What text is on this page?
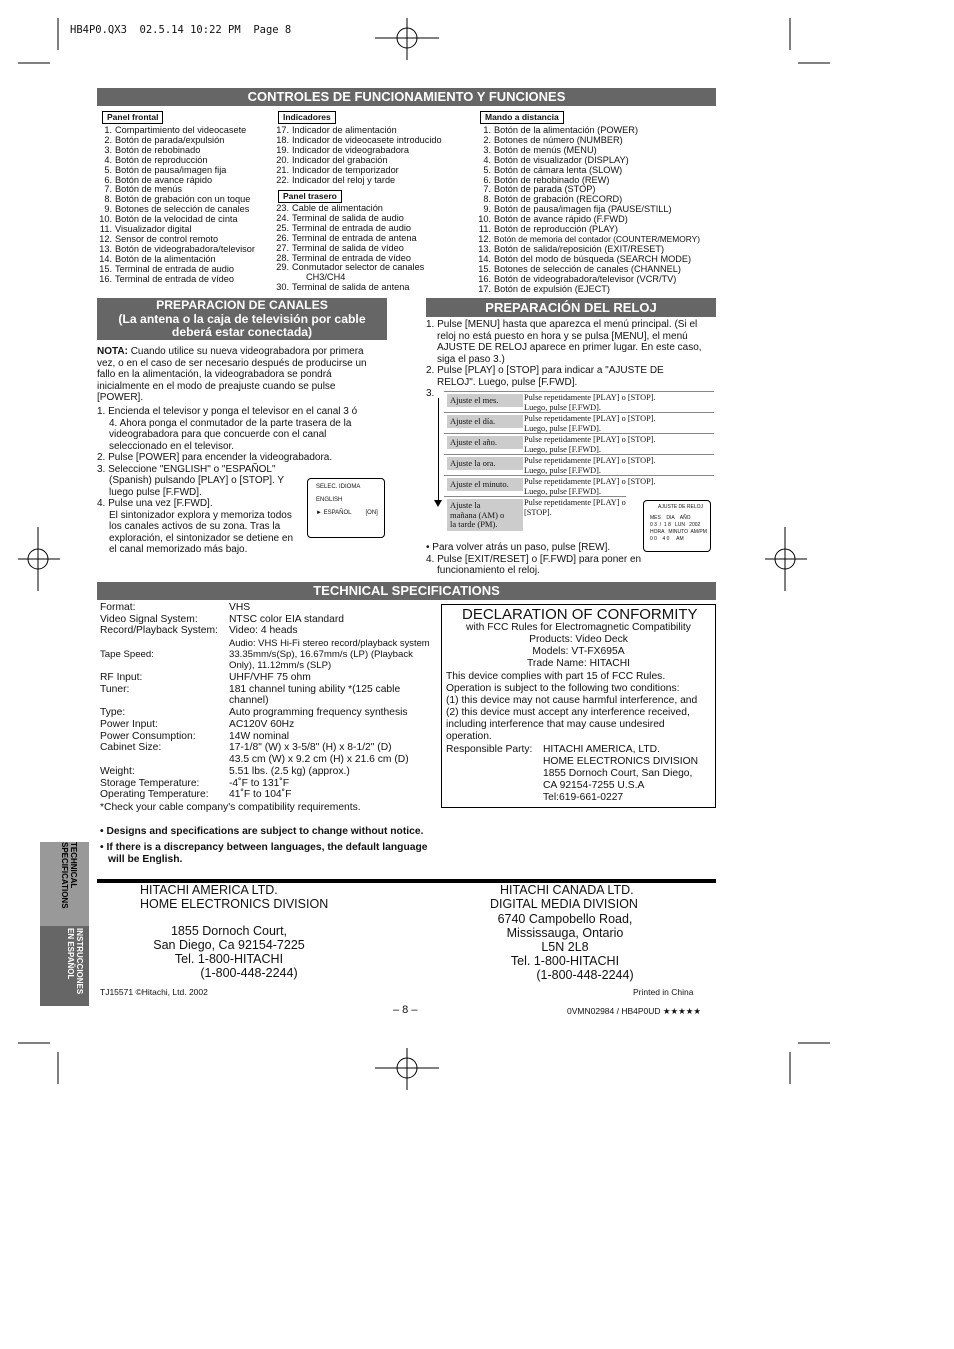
HB4P0.QX3  02.5.14 10:22 PM  Page 8
CONTROLES DE FUNCIONAMIENTO Y FUNCIONES
Panel frontal
1. Compartimiento del videocasete
2. Botón de parada/expulsión
3. Botón de rebobinado
4. Botón de reproducción
5. Botón de pausa/imagen fija
6. Botón de avance rápido
7. Botón de menús
8. Botón de grabación con un toque
9. Botones de selección de canales
10. Botón de la velocidad de cinta
11. Visualizador digital
12. Sensor de control remoto
13. Botón de videograbadora/televisor
14. Botón de la alimentación
15. Terminal de entrada de audio
16. Terminal de entrada de vídeo
Indicadores
17. Indicador de alimentación
18. Indicador de videocasete introducido
19. Indicador de videograbadora
20. Indicador del grabación
21. Indicador de temporizador
22. Indicador del reloj y tarde
Panel trasero
23. Cable de alimentación
24. Terminal de salida de audio
25. Terminal de entrada de audio
26. Terminal de entrada de antena
27. Terminal de salida de vídeo
28. Terminal de entrada de vídeo
29. Conmutador selector de canales
CH3/CH4
30. Terminal de salida de antena
Mando a distancia
1. Botón de la alimentación (POWER)
2. Botones de número (NUMBER)
3. Botón de menús (MENU)
4. Botón de visualizador (DISPLAY)
5. Botón de cámara lenta (SLOW)
6. Botón de rebobinado (REW)
7. Botón de parada (STOP)
8. Botón de grabación (RECORD)
9. Botón de pausa/imagen fija (PAUSE/STILL)
10. Botón de avance rápido (F.FWD)
11. Botón de reproducción (PLAY)
12. Botón de memoria del contador (COUNTER/MEMORY)
13. Botón de salida/reposición (EXIT/RESET)
14. Botón del modo de búsqueda (SEARCH MODE)
15. Botones de selección de canales (CHANNEL)
16. Botón de videograbadora/televisor (VCR/TV)
17. Botón de expulsión (EJECT)
PREPARACION DE CANALES
(La antena o la caja de televisión por cable
deberá estar conectada)
NOTA: Cuando utilice su nueva videograbadora por primera
vez, o en el caso de ser necesario después de producirse un
fallo en la alimentación, la videograbadora se pondrá
inicialmente en el modo de preajuste cuando se pulse
[POWER].
1. Encienda el televisor y ponga el televisor en el canal 3 ó
4. Ahora ponga el conmutador de la parte trasera de la
videograbadora para que concuerde con el canal
seleccionado en el televisor.
2. Pulse [POWER] para encender la videograbadora.
3. Seleccione "ENGLISH" o "ESPAÑOL"
(Spanish) pulsando [PLAY] o [STOP]. Y
luego pulse [F.FWD].
4. Pulse una vez [F.FWD].
El sintonizador explora y memoriza todos
los canales activos de su zona. Tras la
exploración, el sintonizador se detiene en
el canal memorizado más bajo.
SELEC. IDIOMA
ENGLISH
► ESPAÑOL [ON]
PREPARACIÓN DEL RELOJ
1. Pulse [MENU] hasta que aparezca el menú principal. (Si el
reloj no está puesto en hora y se pulsa [MENU], el menú
AJUSTE DE RELOJ aparece en primer lugar. En este caso,
siga el paso 3.)
2. Pulse [PLAY] o [STOP] para indicar a "AJUSTE DE
RELOJ". Luego, pulse [F.FWD].
3.
Ajuste el mes.	Pulse repetidamente [PLAY] o [STOP].
Luego, pulse [F.FWD].
Ajuste el día.	Pulse repetidamente [PLAY] o [STOP].
Luego, pulse [F.FWD].
Ajuste el año.	Pulse repetidamente [PLAY] o [STOP].
Luego, pulse [F.FWD].
Ajuste la ora.	Pulse repetidamente [PLAY] o [STOP].
Luego, pulse [F.FWD].
Ajuste el minuto.	Pulse repetidamente [PLAY] o [STOP].
Luego, pulse [F.FWD].
Ajuste la
mañana (AM) o
la tarde (PM).
Pulse repetidamente [PLAY] o
[STOP].
AJUSTE DE RELOJ
MES    DIA    AÑO
0 3  /  1 8   LUN   2002
HORA   MINUTO  AM/PM
0 0    4 0     AM
• Para volver atrás un paso, pulse [REW].
4. Pulse [EXIT/RESET] o [F.FWD] para poner en
funcionamiento el reloj.
TECHNICAL SPECIFICATIONS
Format:	VHS
Video Signal System:	NTSC color EIA standard
Record/Playback System: Video: 4 heads
Audio: VHS Hi-Fi stereo record/playback system
Tape Speed:	33.35mm/s(Sp), 16.67mm/s (LP) (Playback
Only), 11.12mm/s (SLP)
RF Input:	UHF/VHF 75 ohm
Tuner:	181 channel tuning ability *(125 cable
channel)
Type:	Auto programming frequency synthesis
Power Input:	AC120V 60Hz
Power Consumption:	14W nominal
Cabinet Size:	17-1/8" (W) x 3-5/8" (H) x 8-1/2" (D)
43.5 cm (W) x 9.2 cm (H) x 21.6 cm (D)
Weight:	5.51 lbs. (2.5 kg) (approx.)
Storage Temperature:	-4˚F to 131˚F
Operating Temperature: 41˚F to 104˚F
*Check your cable company's compatibility requirements.
• Designs and specifications are subject to change without notice.
• If there is a discrepancy between languages, the default language
will be English.
DECLARATION OF CONFORMITY
with FCC Rules for Electromagnetic Compatibility
Products: Video Deck
Models: VT-FX695A
Trade Name: HITACHI
This device complies with part 15 of FCC Rules.
Operation is subject to the following two conditions:
(1) this device may not cause harmful interference, and
(2) this device must accept any interference received,
including interference that may cause undesired
operation.
Responsible Party: HITACHI AMERICA, LTD.
HOME ELECTRONICS DIVISION
1855 Dornoch Court, San Diego,
CA 92154-7255 U.S.A
Tel:619-661-0227
TECHNICAL SPECIFICATIONS
INSTRUCCIONES EN ESPAÑOL
HITACHI AMERICA LTD.
HOME ELECTRONICS DIVISION
1855 Dornoch Court,
San Diego, Ca 92154-7225
Tel. 1-800-HITACHI
(1-800-448-2244)
HITACHI CANADA LTD.
DIGITAL MEDIA DIVISION
6740 Campobello Road,
Mississauga, Ontario
L5N 2L8
Tel. 1-800-HITACHI
(1-800-448-2244)
TJ15571 ©Hitachi, Ltd. 2002	Printed in China
– 8 –	0VMN02984 / HB4P0UD ★★★★★
